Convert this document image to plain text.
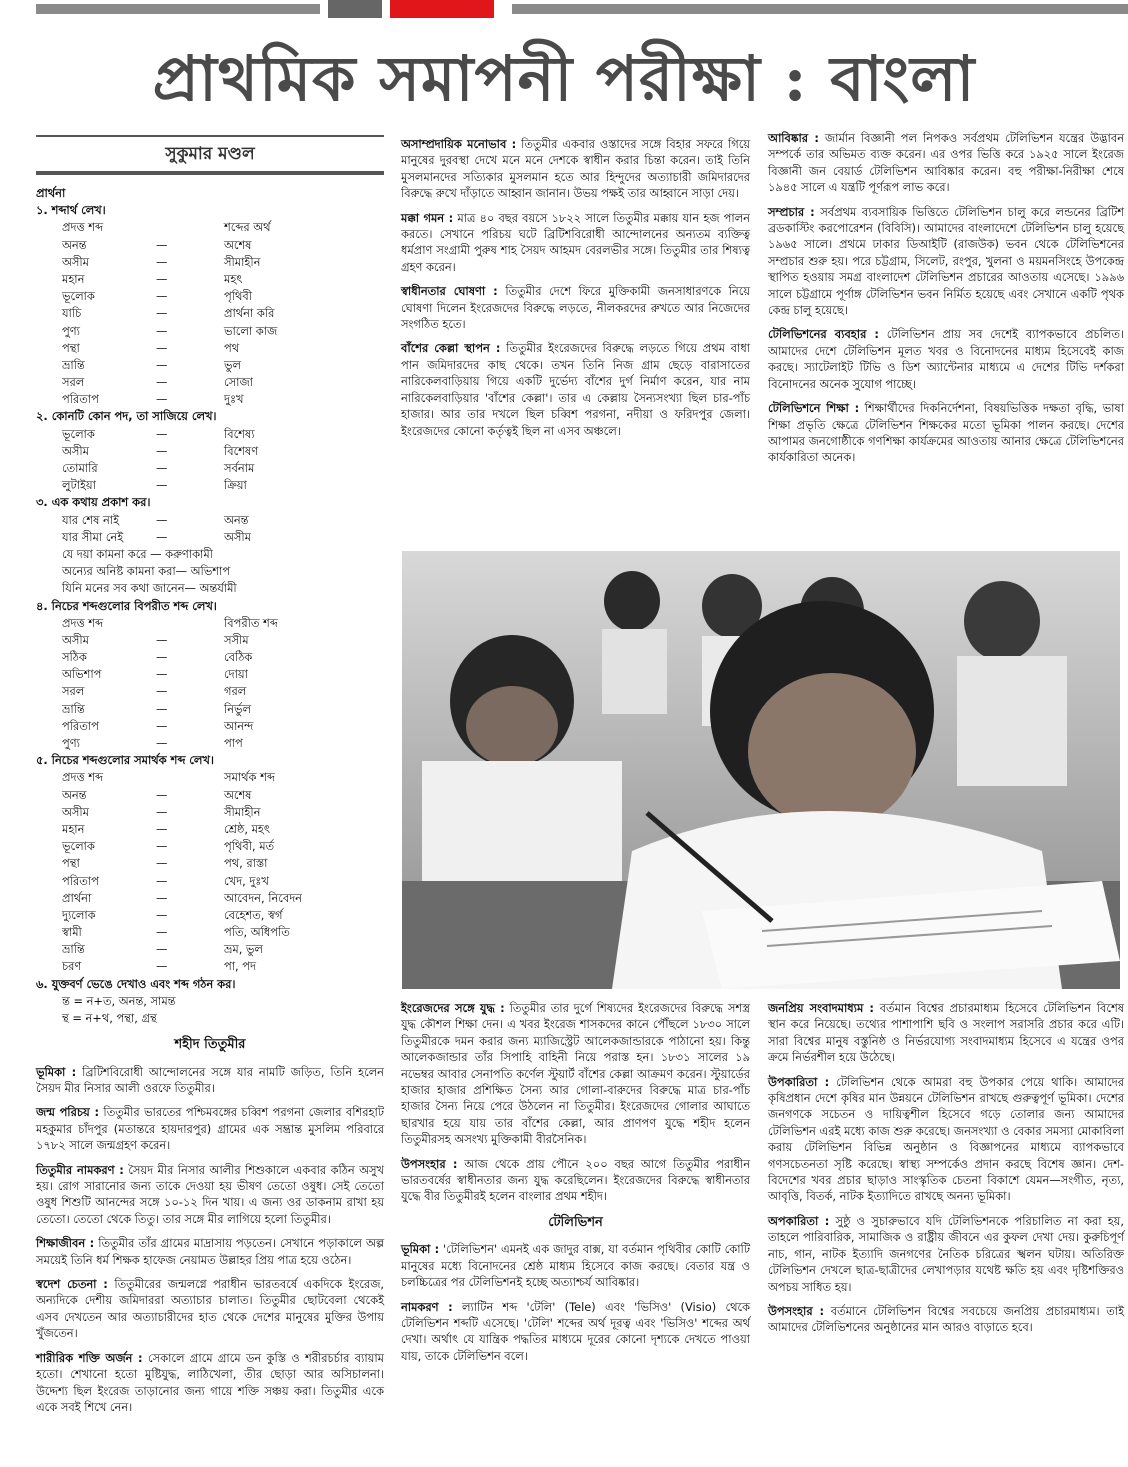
প্রাথমিক সমাপনী পরীক্ষা : বাংলা
সুকুমার মণ্ডল
প্রার্থনা
১. শব্দার্থ লেখ।
প্রদত্ত শব্দ	শব্দের অর্থ
অনন্ত	—	অশেষ
অসীম	—	সীমাহীন
মহান	—	মহৎ
ভূলোক	—	পৃথিবী
যাচি	—	প্রার্থনা করি
পুণ্য	—	ভালো কাজ
পন্থা	—	পথ
ভ্রান্তি	—	ভুল
সরল	—	সোজা
পরিতাপ	—	দুঃখ
২. কোনটি কোন পদ, তা সাজিয়ে লেখ।
ভূলোক	—	বিশেষ্য
অসীম	—	বিশেষণ
তোমারি	—	সর্বনাম
লুটাইয়া	—	ক্রিয়া
৩. এক কথায় প্রকাশ কর।
যার শেষ নাই	—	অনন্ত
যার সীমা নেই	—	অসীম
যে দয়া কামনা করে — করুণাকামী
অন্যের অনিষ্ট কামনা করা— অভিশাপ
যিনি মনের সব কথা জানেন— অন্তর্যামী
৪. নিচের শব্দগুলোর বিপরীত শব্দ লেখ।
প্রদত্ত শব্দ	বিপরীত শব্দ
অসীম	—	সসীম
সঠিক	—	বেঠিক
অভিশাপ	—	দোয়া
সরল	—	গরল
ভ্রান্তি	—	নির্ভুল
পরিতাপ	—	আনন্দ
পুণ্য	—	পাপ
৫. নিচের শব্দগুলোর সমার্থক শব্দ লেখ।
প্রদত্ত শব্দ	সমার্থক শব্দ
অনন্ত	—	অশেষ
অসীম	—	সীমাহীন
মহান	—	শ্রেষ্ঠ, মহৎ
ভূলোক	—	পৃথিবী, মর্ত
পন্থা	—	পথ, রাস্তা
পরিতাপ	—	খেদ, দুঃখ
প্রার্থনা	—	আবেদন, নিবেদন
দ্যুলোক	—	বেহেশত, স্বর্গ
স্বামী	—	পতি, অধিপতি
ভ্রান্তি	—	ভ্রম, ভুল
চরণ	—	পা, পদ
৬. যুক্তবর্ণ ভেঙে দেখাও এবং শব্দ গঠন কর।
ন্ত = ন+ত, অনন্ত, সামন্ত
ন্থ = ন+থ, পন্থা, গ্রন্থ
শহীদ তিতুমীর

ভূমিকা : ব্রিটিশবিরোধী আন্দোলনের সঙ্গে যার নামটি জড়িত, তিনি হলেন সৈয়দ মীর নিসার আলী ওরফে তিতুমীর।

জন্ম পরিচয় : তিতুমীর ভারতের পশ্চিমবঙ্গের চব্বিশ পরগনা জেলার বশিরহাট মহকুমার চাঁদপুর (মতান্তরে হায়দারপুর) গ্রামের এক সম্ভ্রান্ত মুসলিম পরিবারে ১৭৮২ সালে জন্মগ্রহণ করেন।

তিতুমীর নামকরণ : সৈয়দ মীর নিসার আলীর শিশুকালে একবার কঠিন অসুখ হয়। রোগ সারানোর জন্য তাকে দেওয়া হয় ভীষণ তেতো ওষুধ। সেই তেতো ওষুধ শিশুটি আনন্দের সঙ্গে ১০-১২ দিন খায়। এ জন্য ওর ডাকনাম রাখা হয় তেতো। তেতো থেকে তিতু। তার সঙ্গে মীর লাগিয়ে হলো তিতুমীর।

শিক্ষাজীবন : তিতুমীর তাঁর গ্রামের মাদ্রাসায় পড়তেন। সেখানে পড়াকালে অল্প সময়েই তিনি ধর্ম শিক্ষক হাফেজ নেয়ামত উল্লাহর প্রিয় পাত্র হয়ে ওঠেন।

স্বদেশ চেতনা : তিতুমীরের জন্মলগ্নে পরাধীন ভারতবর্ষে একদিকে ইংরেজ, অন্যদিকে দেশীয় জমিদাররা অত্যাচার চালাত। তিতুমীর ছোটবেলা থেকেই এসব দেখতেন আর অত্যাচারীদের হাত থেকে দেশের মানুষের মুক্তির উপায় খুঁজতেন।

শারীরিক শক্তি অর্জন : সেকালে গ্রামে গ্রামে ডন কুস্তি ও শরীরচর্চার ব্যায়াম হতো। শেখানো হতো মুষ্টিযুদ্ধ, লাঠিখেলা, তীর ছোড়া আর অসিচালনা। উদ্দেশ্য ছিল ইংরেজ তাড়ানোর জন্য গায়ে শক্তি সঞ্চয় করা। তিতুমীর একে একে সবই শিখে নেন।

অসাম্প্রদায়িক মনোভাব : তিতুমীর একবার ওস্তাদের সঙ্গে বিহার সফরে গিয়ে মানুষের দুরবস্থা দেখে মনে মনে দেশকে স্বাধীন করার চিন্তা করেন। তাই তিনি মুসলমানদের সত্যিকার মুসলমান হতে আর হিন্দুদের অত্যাচারী জমিদারদের বিরুদ্ধে রুখে দাঁড়াতে আহ্বান জানান। উভয় পক্ষই তার আহ্বানে সাড়া দেয়।

মক্কা গমন : মাত্র ৪০ বছর বয়সে ১৮২২ সালে তিতুমীর মক্কায় যান হজ পালন করতে। সেখানে পরিচয় ঘটে ব্রিটিশবিরোধী আন্দোলনের অন্যতম ব্যক্তিত্ব ধর্মপ্রাণ সংগ্রামী পুরুষ শাহ সৈয়দ আহমদ বেরলভীর সঙ্গে। তিতুমীর তার শিষ্যত্ব গ্রহণ করেন।

স্বাধীনতার ঘোষণা : তিতুমীর দেশে ফিরে মুক্তিকামী জনসাধারণকে নিয়ে ঘোষণা দিলেন ইংরেজদের বিরুদ্ধে লড়তে, নীলকরদের রুখতে আর নিজেদের সংগঠিত হতে।

বাঁশের কেল্লা স্থাপন : তিতুমীর ইংরেজদের বিরুদ্ধে লড়তে গিয়ে প্রথম বাধা পান জমিদারদের কাছ থেকে। তখন তিনি নিজ গ্রাম ছেড়ে বারাসাতের নারিকেলবাড়িয়ায় গিয়ে একটি দুর্ভেদ্য বাঁশের দুর্গ নির্মাণ করেন, যার নাম নারিকেলবাড়িয়ার 'বাঁশের কেল্লা'। তার এ কেল্লায় সৈন্যসংখ্যা ছিল চার-পাঁচ হাজার। আর তার দখলে ছিল চব্বিশ পরগনা, নদীয়া ও ফরিদপুর জেলা। ইংরেজদের কোনো কর্তৃত্বই ছিল না এসব অঞ্চলে।

আবিষ্কার : জার্মান বিজ্ঞানী পল নিপকও সর্বপ্রথম টেলিভিশন যন্ত্রের উদ্ভাবন সম্পর্কে তার অভিমত ব্যক্ত করেন। এর ওপর ভিত্তি করে ১৯২৫ সালে ইংরেজ বিজ্ঞানী জন বেয়ার্ড টেলিভিশন আবিষ্কার করেন। বহু পরীক্ষা-নিরীক্ষা শেষে ১৯৪৫ সালে এ যন্ত্রটি পূর্ণরূপ লাভ করে।

সম্প্রচার : সর্বপ্রথম ব্যবসায়িক ভিত্তিতে টেলিভিশন চালু করে লন্ডনের ব্রিটিশ ব্রডকাস্টিং করপোরেশন (বিবিসি)। আমাদের বাংলাদেশে টেলিভিশন চালু হয়েছে ১৯৬৫ সালে। প্রথমে ঢাকার ডিআইটি (রাজউক) ভবন থেকে টেলিভিশনের সম্প্রচার শুরু হয়। পরে চট্টগ্রাম, সিলেট, রংপুর, খুলনা ও ময়মনসিংহে উপকেন্দ্র স্থাপিত হওয়ায় সমগ্র বাংলাদেশ টেলিভিশন প্রচারের আওতায় এসেছে। ১৯৯৬ সালে চট্টগ্রামে পূর্ণাঙ্গ টেলিভিশন ভবন নির্মিত হয়েছে এবং সেখানে একটি পৃথক কেন্দ্র চালু হয়েছে।

টেলিভিশনের ব্যবহার : টেলিভিশন প্রায় সব দেশেই ব্যাপকভাবে প্রচলিত। আমাদের দেশে টেলিভিশন মূলত খবর ও বিনোদনের মাধ্যম হিসেবেই কাজ করছে। স্যাটেলাইট টিভি ও ডিশ অ্যান্টেনার মাধ্যমে এ দেশের টিভি দর্শকরা বিনোদনের অনেক সুযোগ পাচ্ছে।

টেলিভিশনে শিক্ষা : শিক্ষার্থীদের দিকনির্দেশনা, বিষয়ভিত্তিক দক্ষতা বৃদ্ধি, ভাষা শিক্ষা প্রভৃতি ক্ষেত্রে টেলিভিশন শিক্ষকের মতো ভূমিকা পালন করছে। দেশের আপামর জনগোষ্ঠীকে গণশিক্ষা কার্যক্রমের আওতায় আনার ক্ষেত্রে টেলিভিশনের কার্যকারিতা অনেক।

ইংরেজদের সঙ্গে যুদ্ধ : তিতুমীর তার দুর্গে শিষ্যদের ইংরেজদের বিরুদ্ধে সশস্ত্র যুদ্ধ কৌশল শিক্ষা দেন। এ খবর ইংরেজ শাসকদের কানে পৌঁছলে ১৮৩০ সালে তিতুমীরকে দমন করার জন্য ম্যাজিস্ট্রেট আলেকজান্ডারকে পাঠানো হয়। কিন্তু আলেকজান্ডার তাঁর সিপাহি বাহিনী নিয়ে পরাস্ত হন। ১৮৩১ সালের ১৯ নভেম্বর আবার সেনাপতি কর্ণেল স্টুয়ার্ট বাঁশের কেল্লা আক্রমণ করেন। স্টুয়ার্ডের হাজার হাজার প্রশিক্ষিত সৈন্য আর গোলা-বারুদের বিরুদ্ধে মাত্র চার-পাঁচ হাজার সৈন্য নিয়ে পেরে উঠলেন না তিতুমীর। ইংরেজদের গোলার আঘাতে ছারখার হয়ে যায় তার বাঁশের কেল্লা, আর প্রাণপণ যুদ্ধে শহীদ হলেন তিতুমীরসহ অসংখ্য মুক্তিকামী বীরসৈনিক।

উপসংহার : আজ থেকে প্রায় পৌনে ২০০ বছর আগে তিতুমীর পরাধীন ভারতবর্ষের স্বাধীনতার জন্য যুদ্ধ করেছিলেন। ইংরেজদের বিরুদ্ধে স্বাধীনতার যুদ্ধে বীর তিতুমীরই হলেন বাংলার প্রথম শহীদ।

টেলিভিশন

ভূমিকা : 'টেলিভিশন' এমনই এক জাদুর বাক্স, যা বর্তমান পৃথিবীর কোটি কোটি মানুষের মধ্যে বিনোদনের শ্রেষ্ঠ মাধ্যম হিসেবে কাজ করছে। বেতার যন্ত্র ও চলচ্চিত্রের পর টেলিভিশনই হচ্ছে অত্যাশ্চর্য আবিষ্কার।

নামকরণ : ল্যাটিন শব্দ 'টেলি' (Tele) এবং 'ভিসিও' (Visio) থেকে টেলিভিশন শব্দটি এসেছে। 'টেলি' শব্দের অর্থ দূরত্ব এবং 'ভিসিও' শব্দের অর্থ দেখা। অর্থাৎ যে যান্ত্রিক পদ্ধতির মাধ্যমে দূরের কোনো দৃশ্যকে দেখতে পাওয়া যায়, তাকে টেলিভিশন বলে।

জনপ্রিয় সংবাদমাধ্যম : বর্তমান বিশ্বের প্রচারমাধ্যম হিসেবে টেলিভিশন বিশেষ স্থান করে নিয়েছে। তথ্যের পাশাপাশি ছবি ও সংলাপ সরাসরি প্রচার করে এটি। সারা বিশ্বের মানুষ বস্তুনিষ্ঠ ও নির্ভরযোগ্য সংবাদমাধ্যম হিসেবে এ যন্ত্রের ওপর ক্রমে নির্ভরশীল হয়ে উঠেছে।

উপকারিতা : টেলিভিশন থেকে আমরা বহু উপকার পেয়ে থাকি। আমাদের কৃষিপ্রধান দেশে কৃষির মান উন্নয়নে টেলিভিশন রাখছে গুরুত্বপূর্ণ ভূমিকা। দেশের জনগণকে সচেতন ও দায়িত্বশীল হিসেবে গড়ে তোলার জন্য আমাদের টেলিভিশন এরই মধ্যে কাজ শুরু করেছে। জনসংখ্যা ও বেকার সমস্যা মোকাবিলা করায় টেলিভিশন বিভিন্ন অনুষ্ঠান ও বিজ্ঞাপনের মাধ্যমে ব্যাপকভাবে গণসচেতনতা সৃষ্টি করেছে। স্বাস্থ্য সম্পর্কেও প্রদান করছে বিশেষ জ্ঞান। দেশ-বিদেশের খবর প্রচার ছাড়াও সাংস্কৃতিক চেতনা বিকাশে যেমন—সংগীত, নৃত্য, আবৃত্তি, বিতর্ক, নাটক ইত্যাদিতে রাখছে অনন্য ভূমিকা।

অপকারিতা : সুষ্ঠু ও সুচারুভাবে যদি টেলিভিশনকে পরিচালিত না করা হয়, তাহলে পারিবারিক, সামাজিক ও রাষ্ট্রীয় জীবনে এর কুফল দেখা দেয়। কুরুচিপূর্ণ নাচ, গান, নাটক ইত্যাদি জনগণের নৈতিক চরিত্রের স্খলন ঘটায়। অতিরিক্ত টেলিভিশন দেখলে ছাত্র-ছাত্রীদের লেখাপড়ার যথেষ্ট ক্ষতি হয় এবং দৃষ্টিশক্তিরও অপচয় সাধিত হয়।

উপসংহার : বর্তমানে টেলিভিশন বিশ্বের সবচেয়ে জনপ্রিয় প্রচারমাধ্যম। তাই আমাদের টেলিভিশনের অনুষ্ঠানের মান আরও বাড়াতে হবে।
